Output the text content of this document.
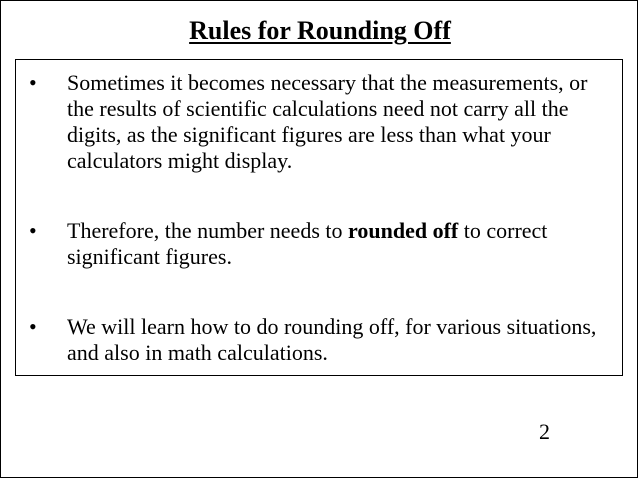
Rules for Rounding Off
•	Sometimes it becomes necessary that the measurements, or the results of scientific calculations need not carry all the digits, as the significant figures are less than what your calculators might display.
•	Therefore, the number needs to rounded off to correct significant figures.
•	We will learn how to do rounding off, for various situations, and also in math calculations.
2
